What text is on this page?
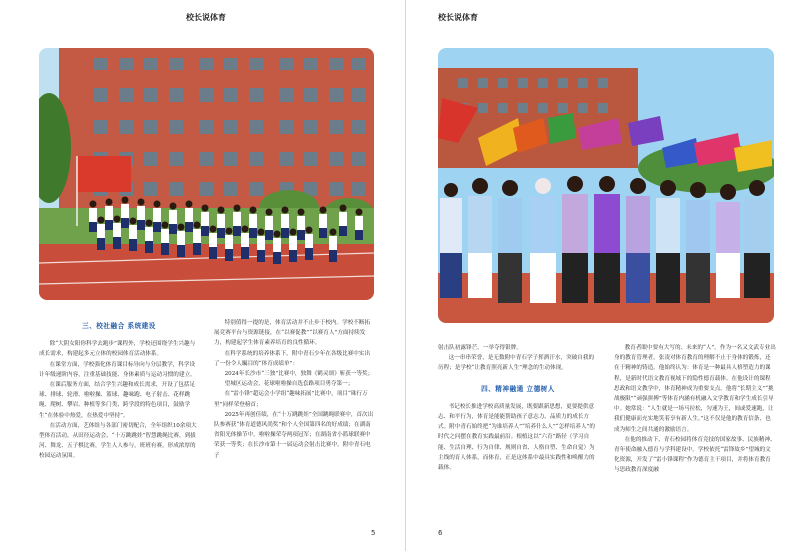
校长说体育
三、校社融合 系统建设

除“大阴女阳你科学去跑步”课程外，学校还围绕学生兴趣与成长需求，构建起多元立体的校园体育活动体系。

在课堂方面，学校强化体育课目标导向与分层教学，科学设计年级递阶内容，注重基础技能、身体素质与运动习惯的建立。

在课后服务方面，结合学生兴趣和成长需求，开设了包括足球、排球、轮滑、啦啦操、篮球、趣味跑、电子射击、花样跳绳、爬树、攀岩、种植等多门类、跨学段的特色项目，鼓励学生“在体验中热爱，在热爱中坚持”。

在活动方面，艺体组与各部门密切配合，全年组织10余项大型体育活动，从田径运动会、“十万跳跳娃”智慧跳绳比赛，到拔河、舞龙、五子棋比赛，学生人人参与，班班有赛，形成浓厚的校园运动氛围。

特别值得一提的是，体育活动并不止步于校内。学校不断拓展竞赛平台与资源链接，在“以赛促教”“以赛育人”方面持续发力，构建起学生体育素养培育的良性循环。

在科学系统的培养体系下，附中青石少年在各级比赛中实出了一份令人瞩目的“体育成绩单”：

2024年长沙市“三独”比赛中，独舞《鹤灵颂》斩获一等奖；

望城区运动会，花球啦啦操自选套路项目勇夺第一；

在“雷小锋”超运会小学组“趣味拓展”比赛中，项目“珠行万里”同样荣登榜首；

2025年再创佳绩，在“十万跳跳娃”全国跳绳联赛中，首次出队参赛获“体育道德风尚奖”和个人全国第四名的好成绩；在湖南省阳光体操节中，啦啦操荣夺两项冠军；在湖南省小篮球联赛中荣获一等奖；在长沙市第十一届运动会射击比赛中，附中青石电子

5
校长说体育

射击队初露锋芒，一举夺得银牌。

这一串串荣誉，是无数附中青石学子挥洒汗水，突破自我的历程；是学校“让教育照亮新人生”理念的生动体现。

四、精神融通 立德树人

书记校长推进学校高质量发展，既要跟新思想，更要提供意志、和平行为，体育是能能帮助孩子意志力、品质力的成长方式。附中青石始终把“为谁培养人”“培养什么人”“怎样培养人”的时代之问摆在教育实践最前沿。根植这以“六育”路径（学习自能、生活自理、行为自律、规则自省、人格自塑、生命自觉）为主线的育人体系，而体育，正是这体系中最具实践性和唤醒力的载体。

教育者眼中要有大写的、未来的“人”。作为一名又文武专业出身的教育管理者，张凌对体育教育的理解不止于身体的锻炼，还在于精神的铸造。他始终认为：体育是一种最具人格塑造力的课程，是新时代语文教育视域下的隐性德育载体。在他设计的课程思政和语文教学中，体育精神成为重要支点。他将“长期主义”“挑战极限”“顽强拼搏”等体育内涵有机融入文学教育和学生成长引导中。她常说：“人生就是一场马拉松，匀速为王，间或爱速跑，让我们健康而充实地笑着享有新人生。”这不仅是他的教育信条，也成为师生之间共通的激励语言。

在他的推动下，青石校园将体育竞技的国家故事、民族精神、青年使命融入德育与学科建设中。学校依托“雷锋故乡”望城的文化资源，开发了“雷小锋课程”作为德育主干项目，并将体育教育与思政教育深度融

6
